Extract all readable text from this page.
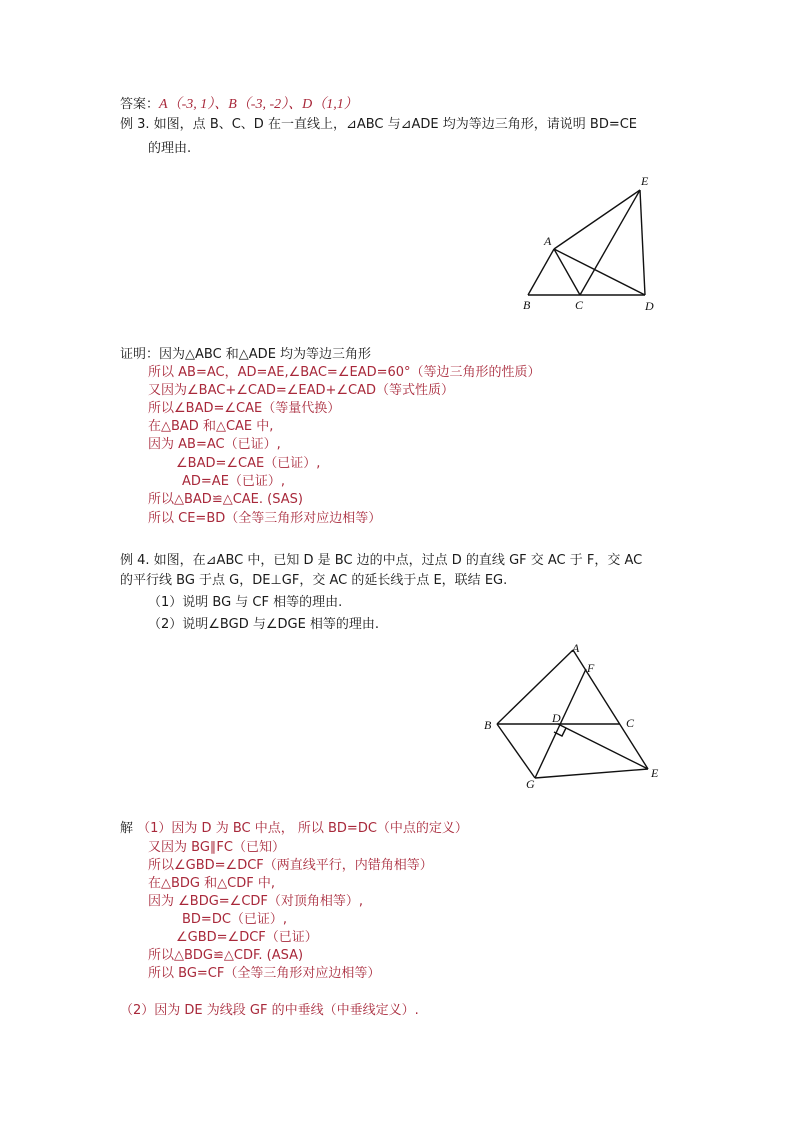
答案：A（-3, 1）、B（-3, -2）、D（1,1）
例 3. 如图，点 B、C、D 在一直线上，⊿ABC 与⊿ADE 均为等边三角形，请说明 BD=CE
的理由.
A
B	C	D
E
证明：因为△ABC 和△ADE 均为等边三角形
所以 AB=AC，AD=AE,∠BAC=∠EAD=60°（等边三角形的性质）
又因为∠BAC+∠CAD=∠EAD+∠CAD（等式性质）
所以∠BAD=∠CAE（等量代换）
在△BAD 和△CAE 中,
因为 AB=AC（已证）,
∠BAD=∠CAE（已证）,
AD=AE（已证）,
所以△BAD≌△CAE. (SAS)
所以 CE=BD（全等三角形对应边相等）
例 4. 如图，在⊿ABC 中，已知 D 是 BC 边的中点，过点 D 的直线 GF 交 AC 于 F，交 AC
的平行线 BG 于点 G，DE⊥GF，交 AC 的延长线于点 E，联结 EG.
（1）说明 BG 与 CF 相等的理由.
（2）说明∠BGD 与∠DGE 相等的理由.
A
B	C
D
E
F
G
解 （1）因为 D 为 BC 中点， 所以 BD=DC（中点的定义）
又因为 BG∥FC（已知）
所以∠GBD=∠DCF（两直线平行，内错角相等）
在△BDG 和△CDF 中,
因为 ∠BDG=∠CDF（对顶角相等）,
BD=DC（已证）,
∠GBD=∠DCF（已证）
所以△BDG≌△CDF. (ASA)
所以 BG=CF（全等三角形对应边相等）
（2）因为 DE 为线段 GF 的中垂线（中垂线定义）.
